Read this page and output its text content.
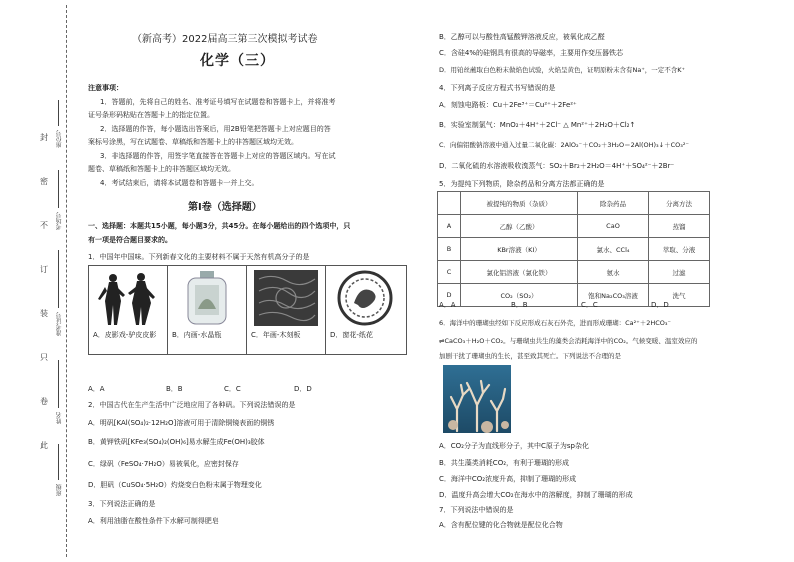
封
密
不
订
装
只
卷
此
座位号
考场号
准考证号
姓名
班级
（新高考）2022届高三第三次模拟考试卷
化学（三）
注意事项：
1．答题前，先将自己的姓名、准考证号填写在试题卷和答题卡上，并将准考
证号条形码粘贴在答题卡上的指定位置。
2．选择题的作答，每小题选出答案后，用2B铅笔把答题卡上对应题目的答
案标号涂黑，写在试题卷、草稿纸和答题卡上的非答题区域均无效。
3．非选择题的作答，用签字笔直接答在答题卡上对应的答题区域内。写在试
题卷、草稿纸和答题卡上的非答题区域均无效。
4．考试结束后，请将本试题卷和答题卡一并上交。
第Ⅰ卷（选择题）
一、选择题：本题共15小题，每小题3分，共45分。在每小题给出的四个选项中，只
有一项是符合题目要求的。
1．中国年中国味。下列新春文化的主要材料不属于天然有机高分子的是
A．皮影戏-驴皮皮影	B．内画-水晶瓶	C．年画-木刻板	D．窗花-纸花
A．A	B．B	C．C	D．D
2．中国古代在生产生活中广泛地应用了各种矾。下列说法错误的是
A．明矾[KAl(SO₄)₂·12H₂O]溶液可用于清除铜镜表面的铜锈
B．黄钾铁矾[KFe₃(SO₄)₂(OH)₆]易水解生成Fe(OH)₃胶体
C．绿矾（FeSO₄·7H₂O）易被氧化，应密封保存
D．胆矾（CuSO₄·5H₂O）灼烧变白色粉末属于物理变化
3．下列说法正确的是
A．利用油脂在酸性条件下水解可制得肥皂
B．乙醇可以与酸性高锰酸钾溶液反应，被氧化成乙醛
C．含硅4%的硅钢具有很高的导磁率，主要用作变压器铁芯
D．用铂丝蘸取白色粉末做焰色试验，火焰呈黄色，证明原粉末含有Na⁺，一定不含K⁺
4．下列离子反应方程式书写错误的是
A．刻蚀电路板：Cu＋2Fe³⁺＝Cu²⁺＋2Fe²⁺
B．实验室制氯气：MnO₂＋4H⁺＋2Cl⁻ △ Mn²⁺＋2H₂O＋Cl₂↑
C．向偏铝酸钠溶液中通入过量二氧化碳：2AlO₂⁻＋CO₂＋3H₂O＝2Al(OH)₃↓＋CO₃²⁻
D．二氧化硫的水溶液吸收溴蒸气：SO₂＋Br₂＋2H₂O＝4H⁺＋SO₄²⁻＋2Br⁻
5．为提纯下列物质，除杂药品和分离方法都正确的是
	被提纯的物质（杂质）	除杂药品	分离方法
A	乙醇（乙酸）	CaO	蒸馏
B	KBr溶液（KI）	氯水、CCl₄	萃取、分液
C	氯化铝溶液（氯化铁）	氨水	过滤
D	CO₂（SO₂）	饱和Na₂CO₃溶液	洗气
A．A	B．B	C．C	D．D
6．海洋中的珊瑚虫经如下反应形成石灰石外壳，进而形成珊瑚：Ca²⁺＋2HCO₃⁻
⇌CaCO₃＋H₂O＋CO₂。与珊瑚虫共生的藻类会消耗海洋中的CO₂。气候变暖、温室效应的
加剧干扰了珊瑚虫的生长，甚至致其死亡。下列说法不合理的是
A．CO₂分子为直线形分子，其中C原子为sp杂化
B．共生藻类消耗CO₂，有利于珊瑚的形成
C．海洋中CO₂浓度升高，抑制了珊瑚的形成
D．温度升高会增大CO₂在海水中的溶解度，抑制了珊瑚的形成
7．下列说法中错误的是
A．含有配位键的化合物就是配位化合物
